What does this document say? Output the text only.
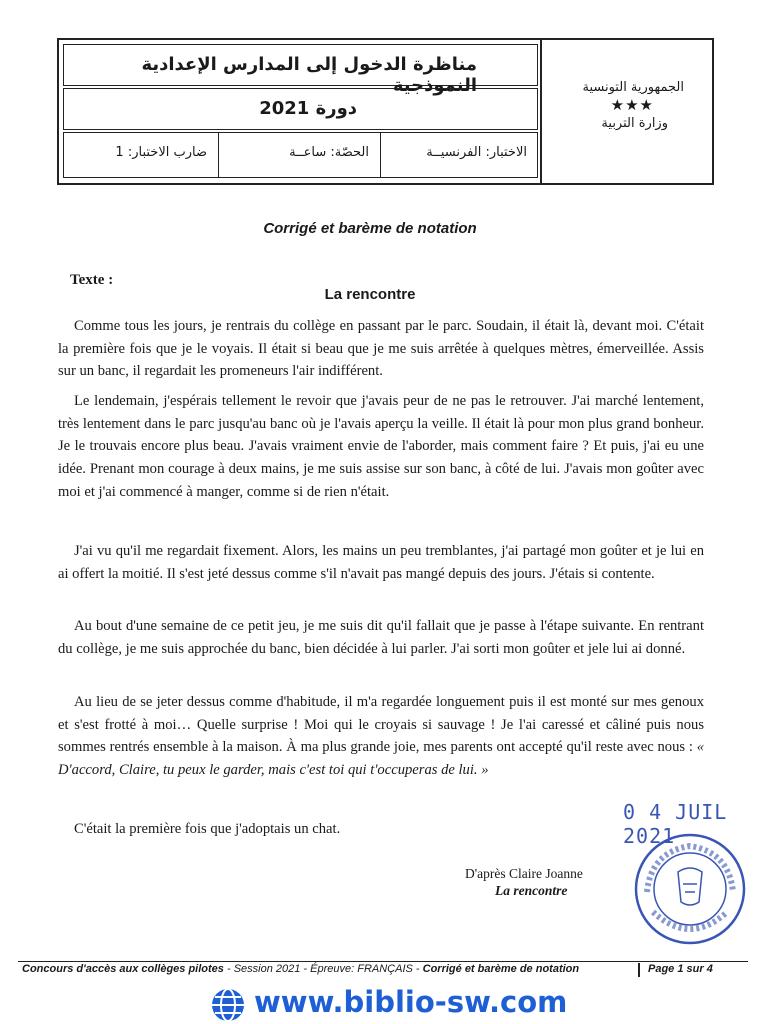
الجمهورية التونسية
★★★
وزارة التربية
مناظرة الدخول إلى المدارس الإعدادية النموذجية
دورة 2021
الاختبار: الفرنسيــة
الحصّة: ساعــة
ضارب الاختبار: 1
Corrigé et barème de notation
Texte :
La rencontre
Comme tous les jours, je rentrais du collège en passant par le parc. Soudain, il était là, devant moi. C'était la première fois que je le voyais. Il était si beau que je me suis arrêtée à quelques mètres, émerveillée. Assis sur un banc, il regardait les promeneurs l'air indifférent.
Le lendemain, j'espérais tellement le revoir que j'avais peur de ne pas le retrouver. J'ai marché lentement, très lentement dans le parc jusqu'au banc où je l'avais aperçu la veille. Il était là pour mon plus grand bonheur. Je le trouvais encore plus beau. J'avais vraiment envie de l'aborder, mais comment faire ? Et puis, j'ai eu une idée. Prenant mon courage à deux mains, je me suis assise sur son banc, à côté de lui. J'avais mon goûter avec moi et j'ai commencé à manger, comme si de rien n'était.
J'ai vu qu'il me regardait fixement. Alors, les mains un peu tremblantes, j'ai partagé mon goûter et je lui en ai offert la moitié. Il s'est jeté dessus comme s'il n'avait pas mangé depuis des jours. J'étais si contente.
Au bout d'une semaine de ce petit jeu, je me suis dit qu'il fallait que je passe à l'étape suivante. En rentrant du collège, je me suis approchée du banc, bien décidée à lui parler. J'ai sorti mon goûter et jele lui ai donné.
Au lieu de se jeter dessus comme d'habitude, il m'a regardée longuement puis il est monté sur mes genoux et s'est frotté à moi… Quelle surprise ! Moi qui le croyais si sauvage ! Je l'ai caressé et câliné puis nous sommes rentrés ensemble à la maison. À ma plus grande joie, mes parents ont accepté qu'il reste avec nous : « D'accord, Claire, tu peux le garder, mais c'est toi qui t'occuperas de lui. »
C'était la première fois que j'adoptais un chat.
D'après Claire Joanne
La rencontre
0 4 JUIL 2021
Concours d'accès aux collèges pilotes - Session 2021 - Épreuve: FRANÇAIS - Corrigé et barème de notation	Page 1 sur 4
www.biblio-sw.com
